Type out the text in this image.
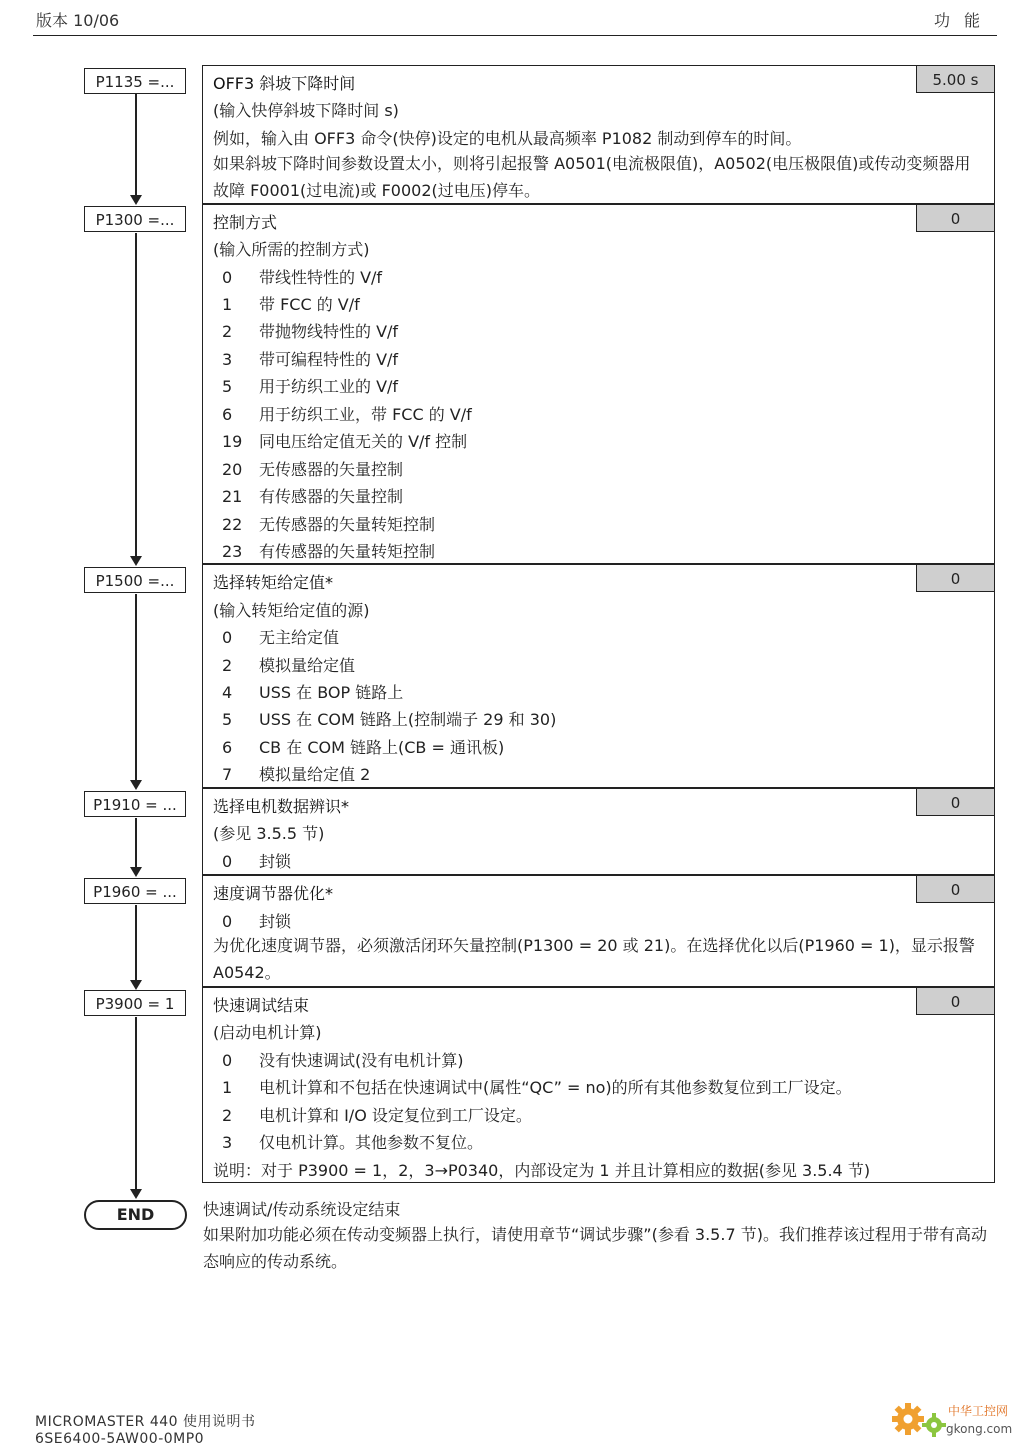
版本 10/06	功能
P1135 =...	OFF3 斜坡下降时间	5.00 s
(输入快停斜坡下降时间 s)
例如，输入由 OFF3 命令(快停)设定的电机从最高频率 P1082 制动到停车的时间。
如果斜坡下降时间参数设置太小，则将引起报警 A0501(电流极限值)，A0502(电压极限值)或传动变频器用故障 F0001(过电流)或 F0002(过电压)停车。
P1300 =...	控制方式	0
(输入所需的控制方式)
0 带线性特性的 V/f
1 带 FCC 的 V/f
2 带抛物线特性的 V/f
3 带可编程特性的 V/f
5 用于纺织工业的 V/f
6 用于纺织工业，带 FCC 的 V/f
19 同电压给定值无关的 V/f 控制
20 无传感器的矢量控制
21 有传感器的矢量控制
22 无传感器的矢量转矩控制
23 有传感器的矢量转矩控制
P1500 =...	选择转矩给定值*	0
(输入转矩给定值的源)
0 无主给定值
2 模拟量给定值
4 USS 在 BOP 链路上
5 USS 在 COM 链路上(控制端子 29 和 30)
6 CB 在 COM 链路上(CB = 通讯板)
7 模拟量给定值 2
P1910 = ...	选择电机数据辨识*	0
(参见 3.5.5 节)
0 封锁
P1960 = ...	速度调节器优化*	0
0 封锁
为优化速度调节器，必须激活闭环矢量控制(P1300 = 20 或 21)。在选择优化以后(P1960 = 1)，显示报警 A0542。
P3900 = 1	快速调试结束	0
(启动电机计算)
0 没有快速调试(没有电机计算)
1 电机计算和不包括在快速调试中(属性“QC” = no)的所有其他参数复位到工厂设定。
2 电机计算和 I/O 设定复位到工厂设定。
3 仅电机计算。其他参数不复位。
说明：对于 P3900 = 1，2，3→P0340，内部设定为 1 并且计算相应的数据(参见 3.5.4 节)
END	快速调试/传动系统设定结束
如果附加功能必须在传动变频器上执行，请使用章节“调试步骤”(参看 3.5.7 节)。我们推荐该过程用于带有高动态响应的传动系统。
MICROMASTER 440 使用说明书
6SE6400-5AW00-0MP0
中华工控网
gkong.com
